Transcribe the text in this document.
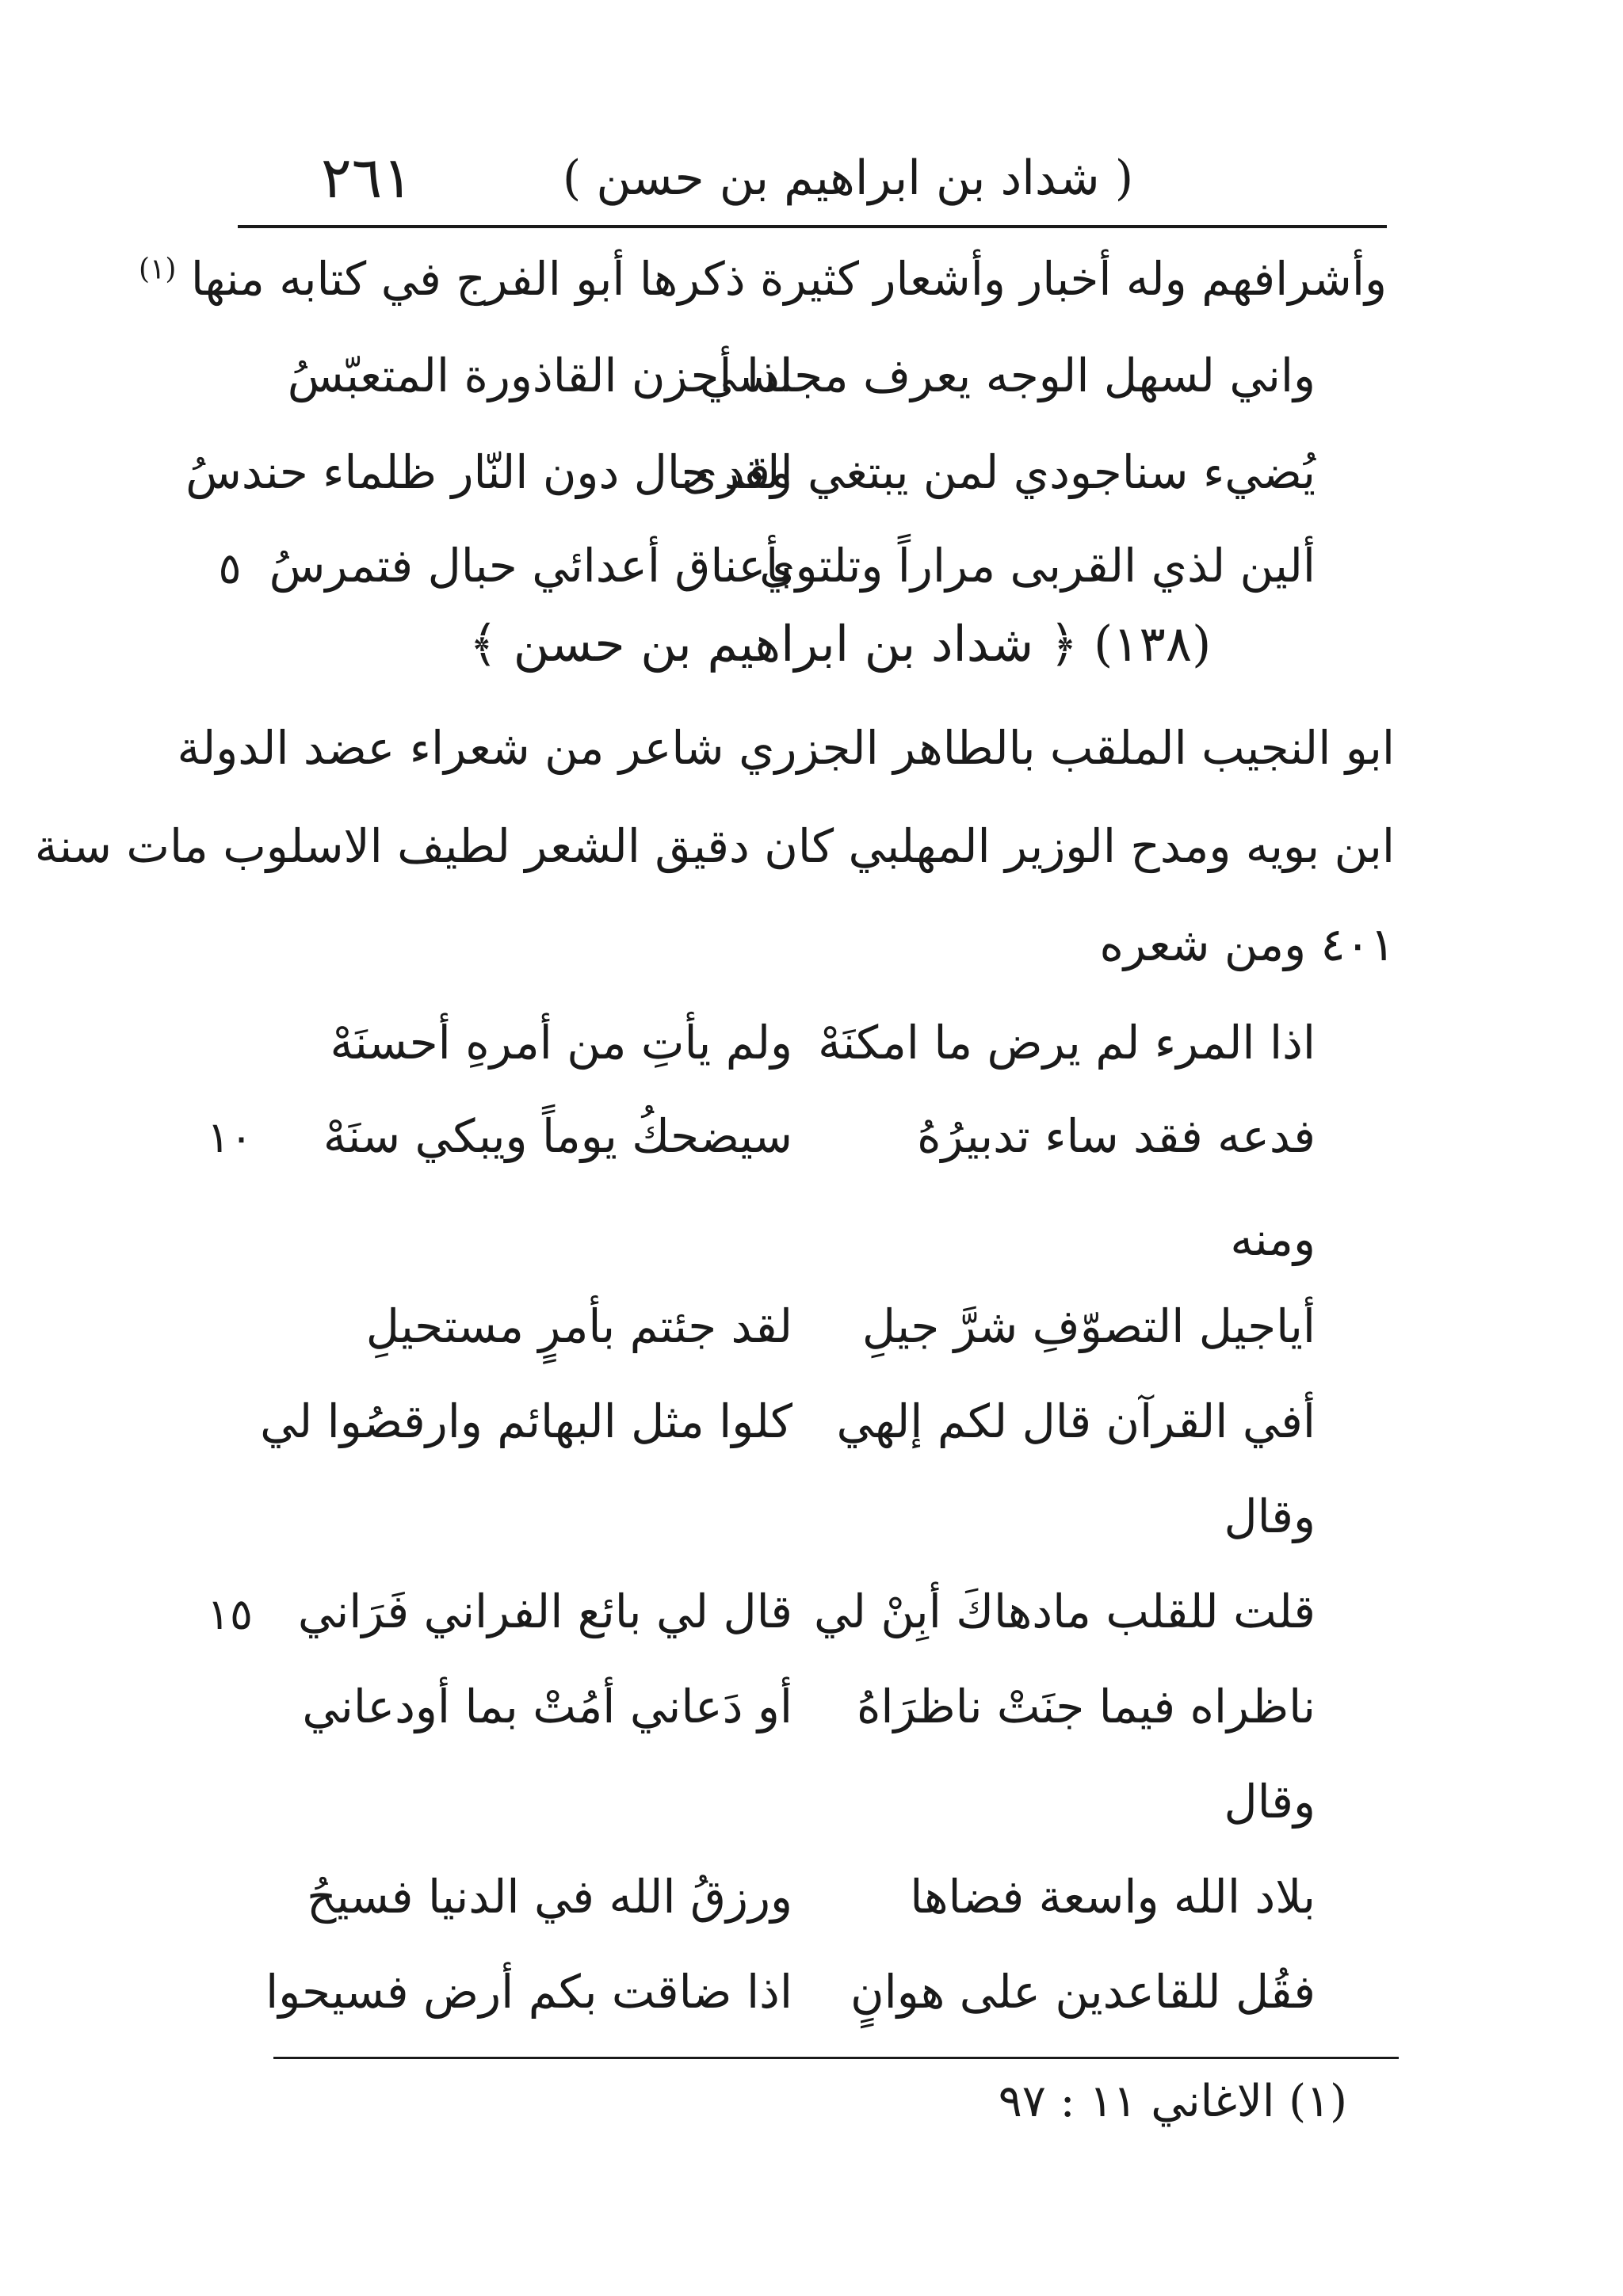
٢٦١	( شداد بن ابراهيم بن حسن )
وأشرافهم وله أخبار وأشعار كثيرة ذكرها أبو الفرج في كتابه منها $^{(١)}$
واني لسهل الوجه يعرف مجلسي
اذا أحزن القاذورة المتعبّسُ
يُضيء سناجودي لمن يبتغي القرى
وقد حال دون النّار ظلماء حندسُ
ألين لذي القربى مراراً وتلتوي
بأعناق أعدائي حبال فتمرسُ
٥
(١٣٨) ﴿ شداد بن ابراهيم بن حسن ﴾
ابو النجيب الملقب بالطاهر الجزري شاعر من شعراء عضد الدولة
ابن بويه ومدح الوزير المهلبي كان دقيق الشعر لطيف الاسلوب مات سنة
٤٠١ ومن شعره
اذا المرء لم يرض ما امكنَهْ
ولم يأتِ من أمرهِ أحسنَهْ
فدعه فقد ساء تدبيرُهُ
سيضحكُ يوماً ويبكي سنَهْ
١٠
ومنه
أياجيل التصوّفِ شرَّ جيلِ
لقد جئتم بأمرٍ مستحيلِ
أفي القرآن قال لكم إلهي
كلوا مثل البهائم وارقصُوا لي
وقال
قلت للقلب مادهاكَ أبِنْ لي
قال لي بائع الفراني فَرَاني
١٥
ناظراه فيما جنَتْ ناظرَاهُ
أو دَعاني أمُتْ بما أودعاني
وقال
بلاد الله واسعة فضاها
ورزقُ الله في الدنيا فسيحُ
فقُل للقاعدين على هوانٍ
اذا ضاقت بكم أرض فسيحوا
(١) الاغاني ١١ : ٩٧
